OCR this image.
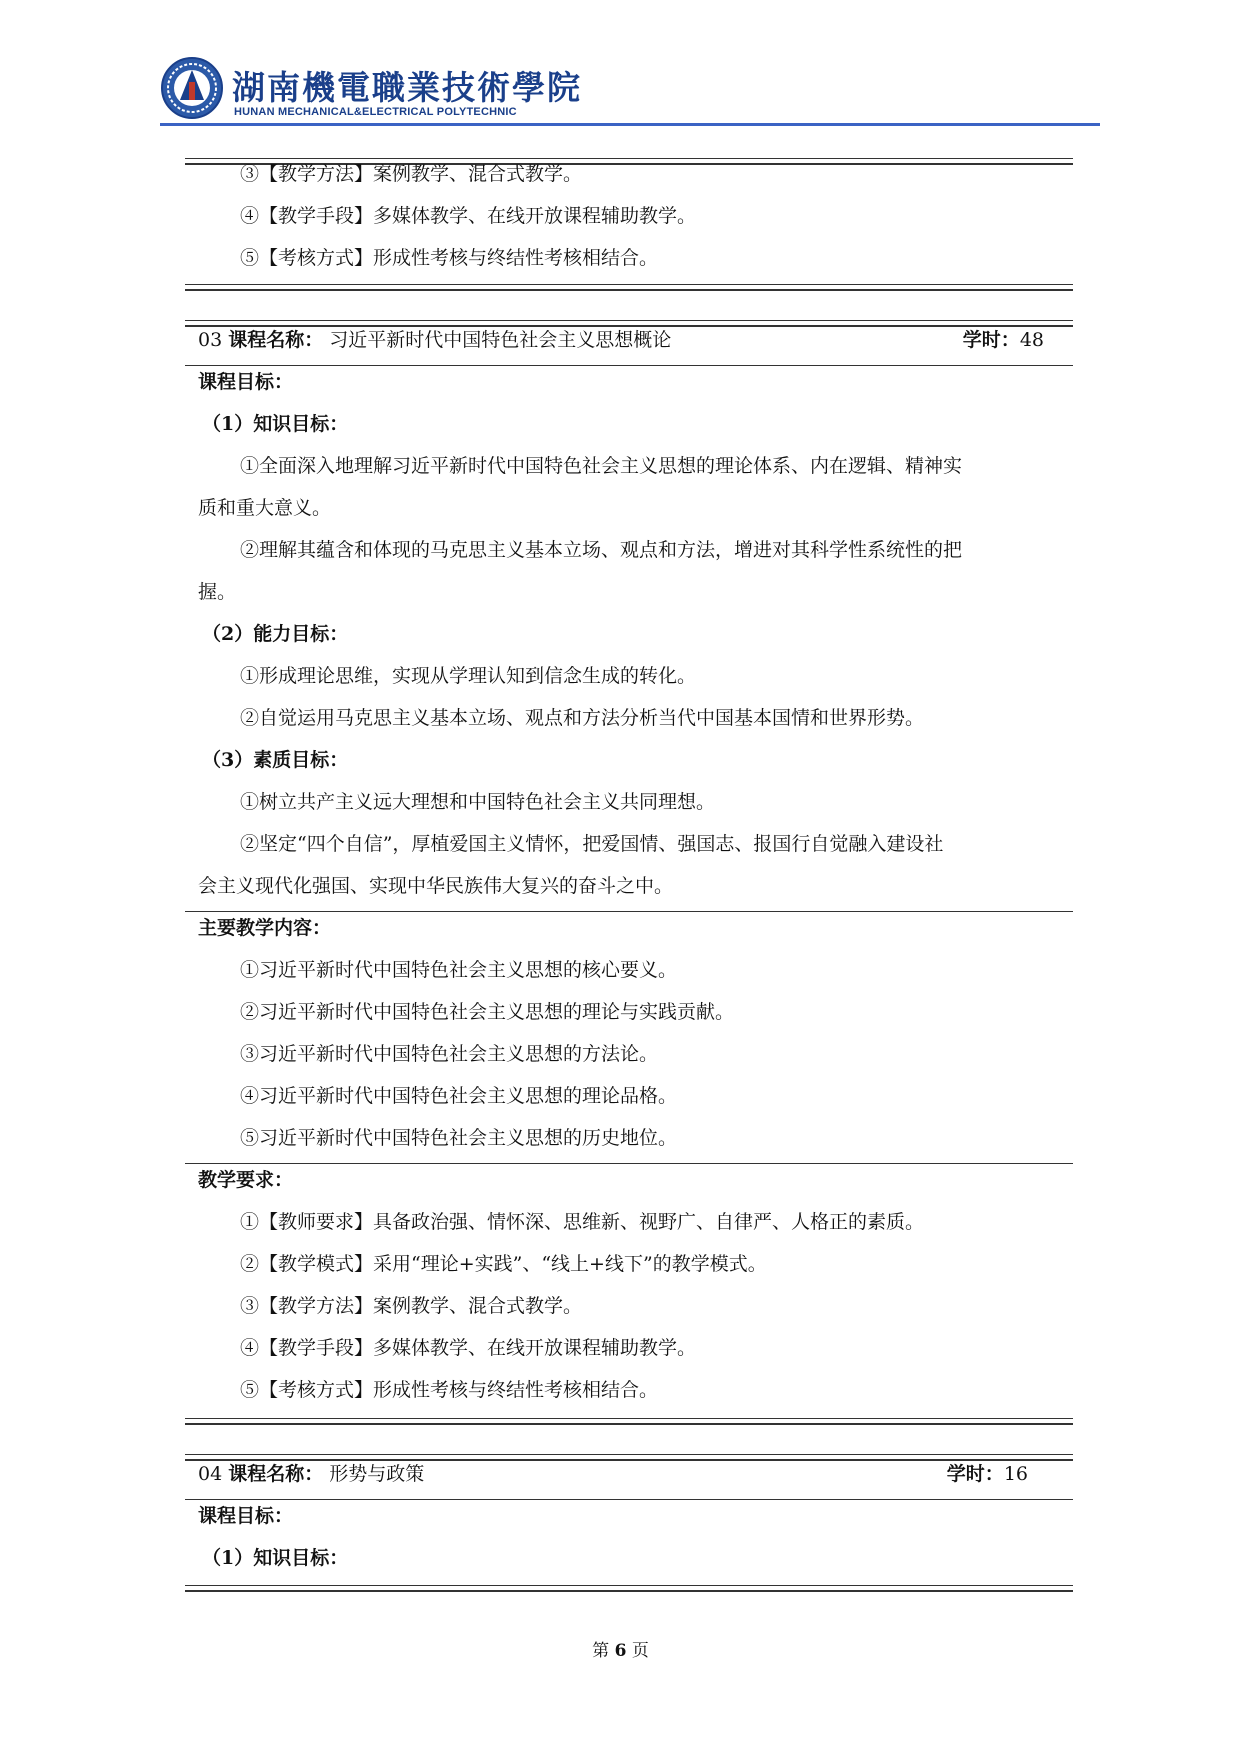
湖南機電職業技術學院
HUNAN MECHANICAL&ELECTRICAL POLYTECHNIC
③【教学方法】案例教学、混合式教学。
④【教学手段】多媒体教学、在线开放课程辅助教学。
⑤【考核方式】形成性考核与终结性考核相结合。
03 课程名称： 习近平新时代中国特色社会主义思想概论	学时：48
课程目标：
（1）知识目标：
①全面深入地理解习近平新时代中国特色社会主义思想的理论体系、内在逻辑、精神实
质和重大意义。
②理解其蕴含和体现的马克思主义基本立场、观点和方法，增进对其科学性系统性的把
握。
（2）能力目标：
①形成理论思维，实现从学理认知到信念生成的转化。
②自觉运用马克思主义基本立场、观点和方法分析当代中国基本国情和世界形势。
（3）素质目标：
①树立共产主义远大理想和中国特色社会主义共同理想。
②坚定“四个自信”，厚植爱国主义情怀，把爱国情、强国志、报国行自觉融入建设社
会主义现代化强国、实现中华民族伟大复兴的奋斗之中。
主要教学内容：
①习近平新时代中国特色社会主义思想的核心要义。
②习近平新时代中国特色社会主义思想的理论与实践贡献。
③习近平新时代中国特色社会主义思想的方法论。
④习近平新时代中国特色社会主义思想的理论品格。
⑤习近平新时代中国特色社会主义思想的历史地位。
教学要求：
①【教师要求】具备政治强、情怀深、思维新、视野广、自律严、人格正的素质。
②【教学模式】采用“理论+实践”、“线上+线下”的教学模式。
③【教学方法】案例教学、混合式教学。
④【教学手段】多媒体教学、在线开放课程辅助教学。
⑤【考核方式】形成性考核与终结性考核相结合。
04 课程名称： 形势与政策	学时：16
课程目标：
（1）知识目标：
第 6 页
